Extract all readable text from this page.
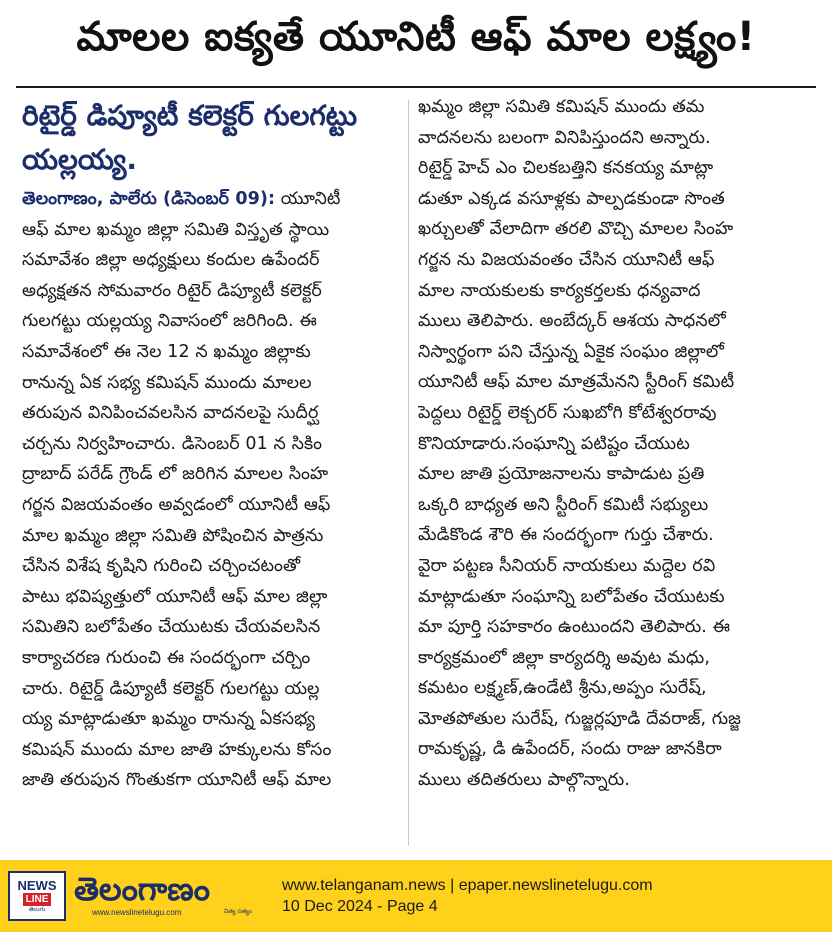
మాలల ఐక్యతే యూనిటీ ఆఫ్ మాల లక్ష్యం!
రిటైర్డ్ డిప్యూటీ కలెక్టర్ గులగట్టు
యల్లయ్య.
తెలంగాణం, పాలేరు (డిసెంబర్ 09): యూనిటీ
ఆఫ్ మాల ఖమ్మం జిల్లా సమితి విస్తృత స్థాయి
సమావేశం జిల్లా అధ్యక్షులు కందుల ఉపేందర్
అధ్యక్షతన సోమవారం రిటైర్ డిప్యూటీ కలెక్టర్
గులగట్టు యల్లయ్య నివాసంలో జరిగింది. ఈ
సమావేశంలో ఈ నెల 12 న ఖమ్మం జిల్లాకు
రానున్న ఏక సభ్య కమిషన్ ముందు మాలల
తరుపున వినిపించవలసిన వాదనలపై సుదీర్ఘ
చర్చను నిర్వహించారు. డిసెంబర్ 01 న సికిం
ద్రాబాద్ పరేడ్ గ్రౌండ్ లో జరిగిన మాలల సింహ
గర్జన విజయవంతం అవ్వడంలో యూనిటీ ఆఫ్
మాల ఖమ్మం జిల్లా సమితి పోషించిన పాత్రను
చేసిన విశేష కృషిని గురించి చర్చించటంతో
పాటు భవిష్యత్తులో యూనిటీ ఆఫ్ మాల జిల్లా
సమితిని బలోపేతం చేయుటకు చేయవలసిన
కార్యాచరణ గురుంచి ఈ సందర్భంగా చర్చిం
చారు. రిటైర్డ్ డిప్యూటీ కలెక్టర్ గులగట్టు యల్ల
య్య మాట్లాడుతూ ఖమ్మం రానున్న ఏకసభ్య
కమిషన్ ముందు మాల జాతి హక్కులను కోసం
జాతి తరుపున గొంతుకగా యూనిటీ ఆఫ్ మాల
ఖమ్మం జిల్లా సమితి కమిషన్ ముందు తమ
వాదనలను బలంగా వినిపిస్తుందని అన్నారు.
రిటైర్డ్ హెచ్ ఎం చిలకబత్తిని కనకయ్య మాట్లా
డుతూ ఎక్కడ వసూళ్లకు పాల్పడకుండా సొంత
ఖర్చులతో వేలాదిగా తరలి వొచ్చి మాలల సింహ
గర్జన ను విజయవంతం చేసిన యూనిటీ ఆఫ్
మాల నాయకులకు కార్యకర్తలకు ధన్యవాద
ములు తెలిపారు. అంబేద్కర్ ఆశయ సాధనలో
నిస్వార్థంగా పని చేస్తున్న ఏకైక సంఘం జిల్లాలో
యూనిటీ ఆఫ్ మాల మాత్రమేనని స్టీరింగ్ కమిటీ
పెద్దలు రిటైర్డ్ లెక్చరర్ సుఖబోగి కోటేశ్వరరావు
కొనియాడారు.సంఘాన్ని పటిష్టం చేయుట
మాల జాతి ప్రయోజనాలను కాపాడుట ప్రతి
ఒక్కరి బాధ్యత అని స్టీరింగ్ కమిటీ సభ్యులు
మేడికొండ శౌరి ఈ సందర్భంగా గుర్తు చేశారు.
వైరా పట్టణ సీనియర్ నాయకులు మద్దెల రవి
మాట్లాడుతూ సంఘాన్ని బలోపేతం చేయుటకు
మా పూర్తి సహకారం ఉంటుందని తెలిపారు. ఈ
కార్యక్రమంలో జిల్లా కార్యదర్శి అవుట మధు,
కమటం లక్ష్మణ్,ఉండేటి శ్రీను,అప్పం సురేష్,
మోతపోతుల సురేష్, గుజ్జర్లపూడి దేవరాజ్, గుజ్జ
రామకృష్ణ, డి ఉపేందర్, సందు రాజు జానకిరా
ములు తదితరులు పాల్గొన్నారు.
NEWS
LINE
తెలుగు
తెలంగాణం
www.newslinetelugu.com	నిత్య సత్యం
www.telanganam.news | epaper.newslinetelugu.com
10 Dec 2024 - Page 4
